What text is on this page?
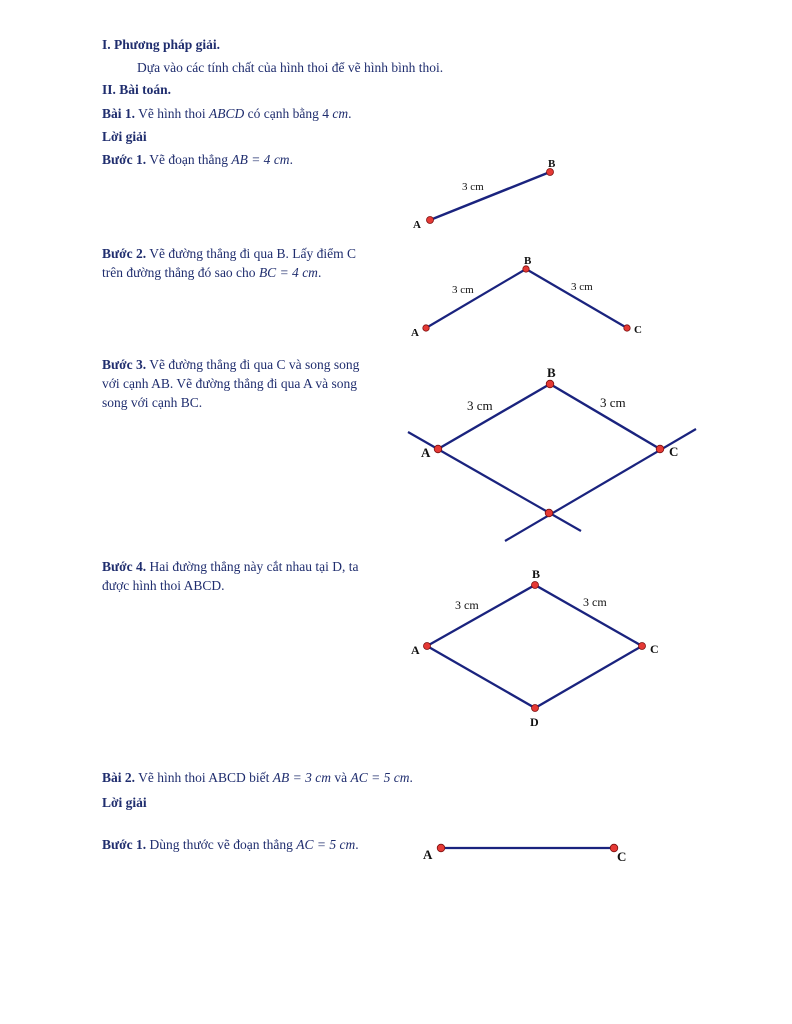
I. Phương pháp giải.
Dựa vào các tính chất của hình thoi để vẽ hình bình thoi.
II. Bài toán.
Bài 1. Vẽ hình thoi ABCD có cạnh bằng 4 cm.
Lời giải
Bước 1. Vẽ đoạn thẳng AB = 4 cm.
Bước 2. Vẽ đường thẳng đi qua B. Lấy điểm C
trên đường thẳng đó sao cho BC = 4 cm.
Bước 3. Vẽ đường thẳng đi qua C và song song
với cạnh AB. Vẽ đường thẳng đi qua A và song
song với cạnh BC.
Bước 4. Hai đường thẳng này cắt nhau tại D, ta
được hình thoi ABCD.
Bài 2. Vẽ hình thoi ABCD biết AB = 3 cm và AC = 5 cm.
Lời giải
Bước 1. Dùng thước vẽ đoạn thẳng AC = 5 cm.
A
B
3 cm
A
B
C
3 cm	3 cm
A
B
C
3 cm	3 cm
A
B
C
D
3 cm	3 cm
A	C
